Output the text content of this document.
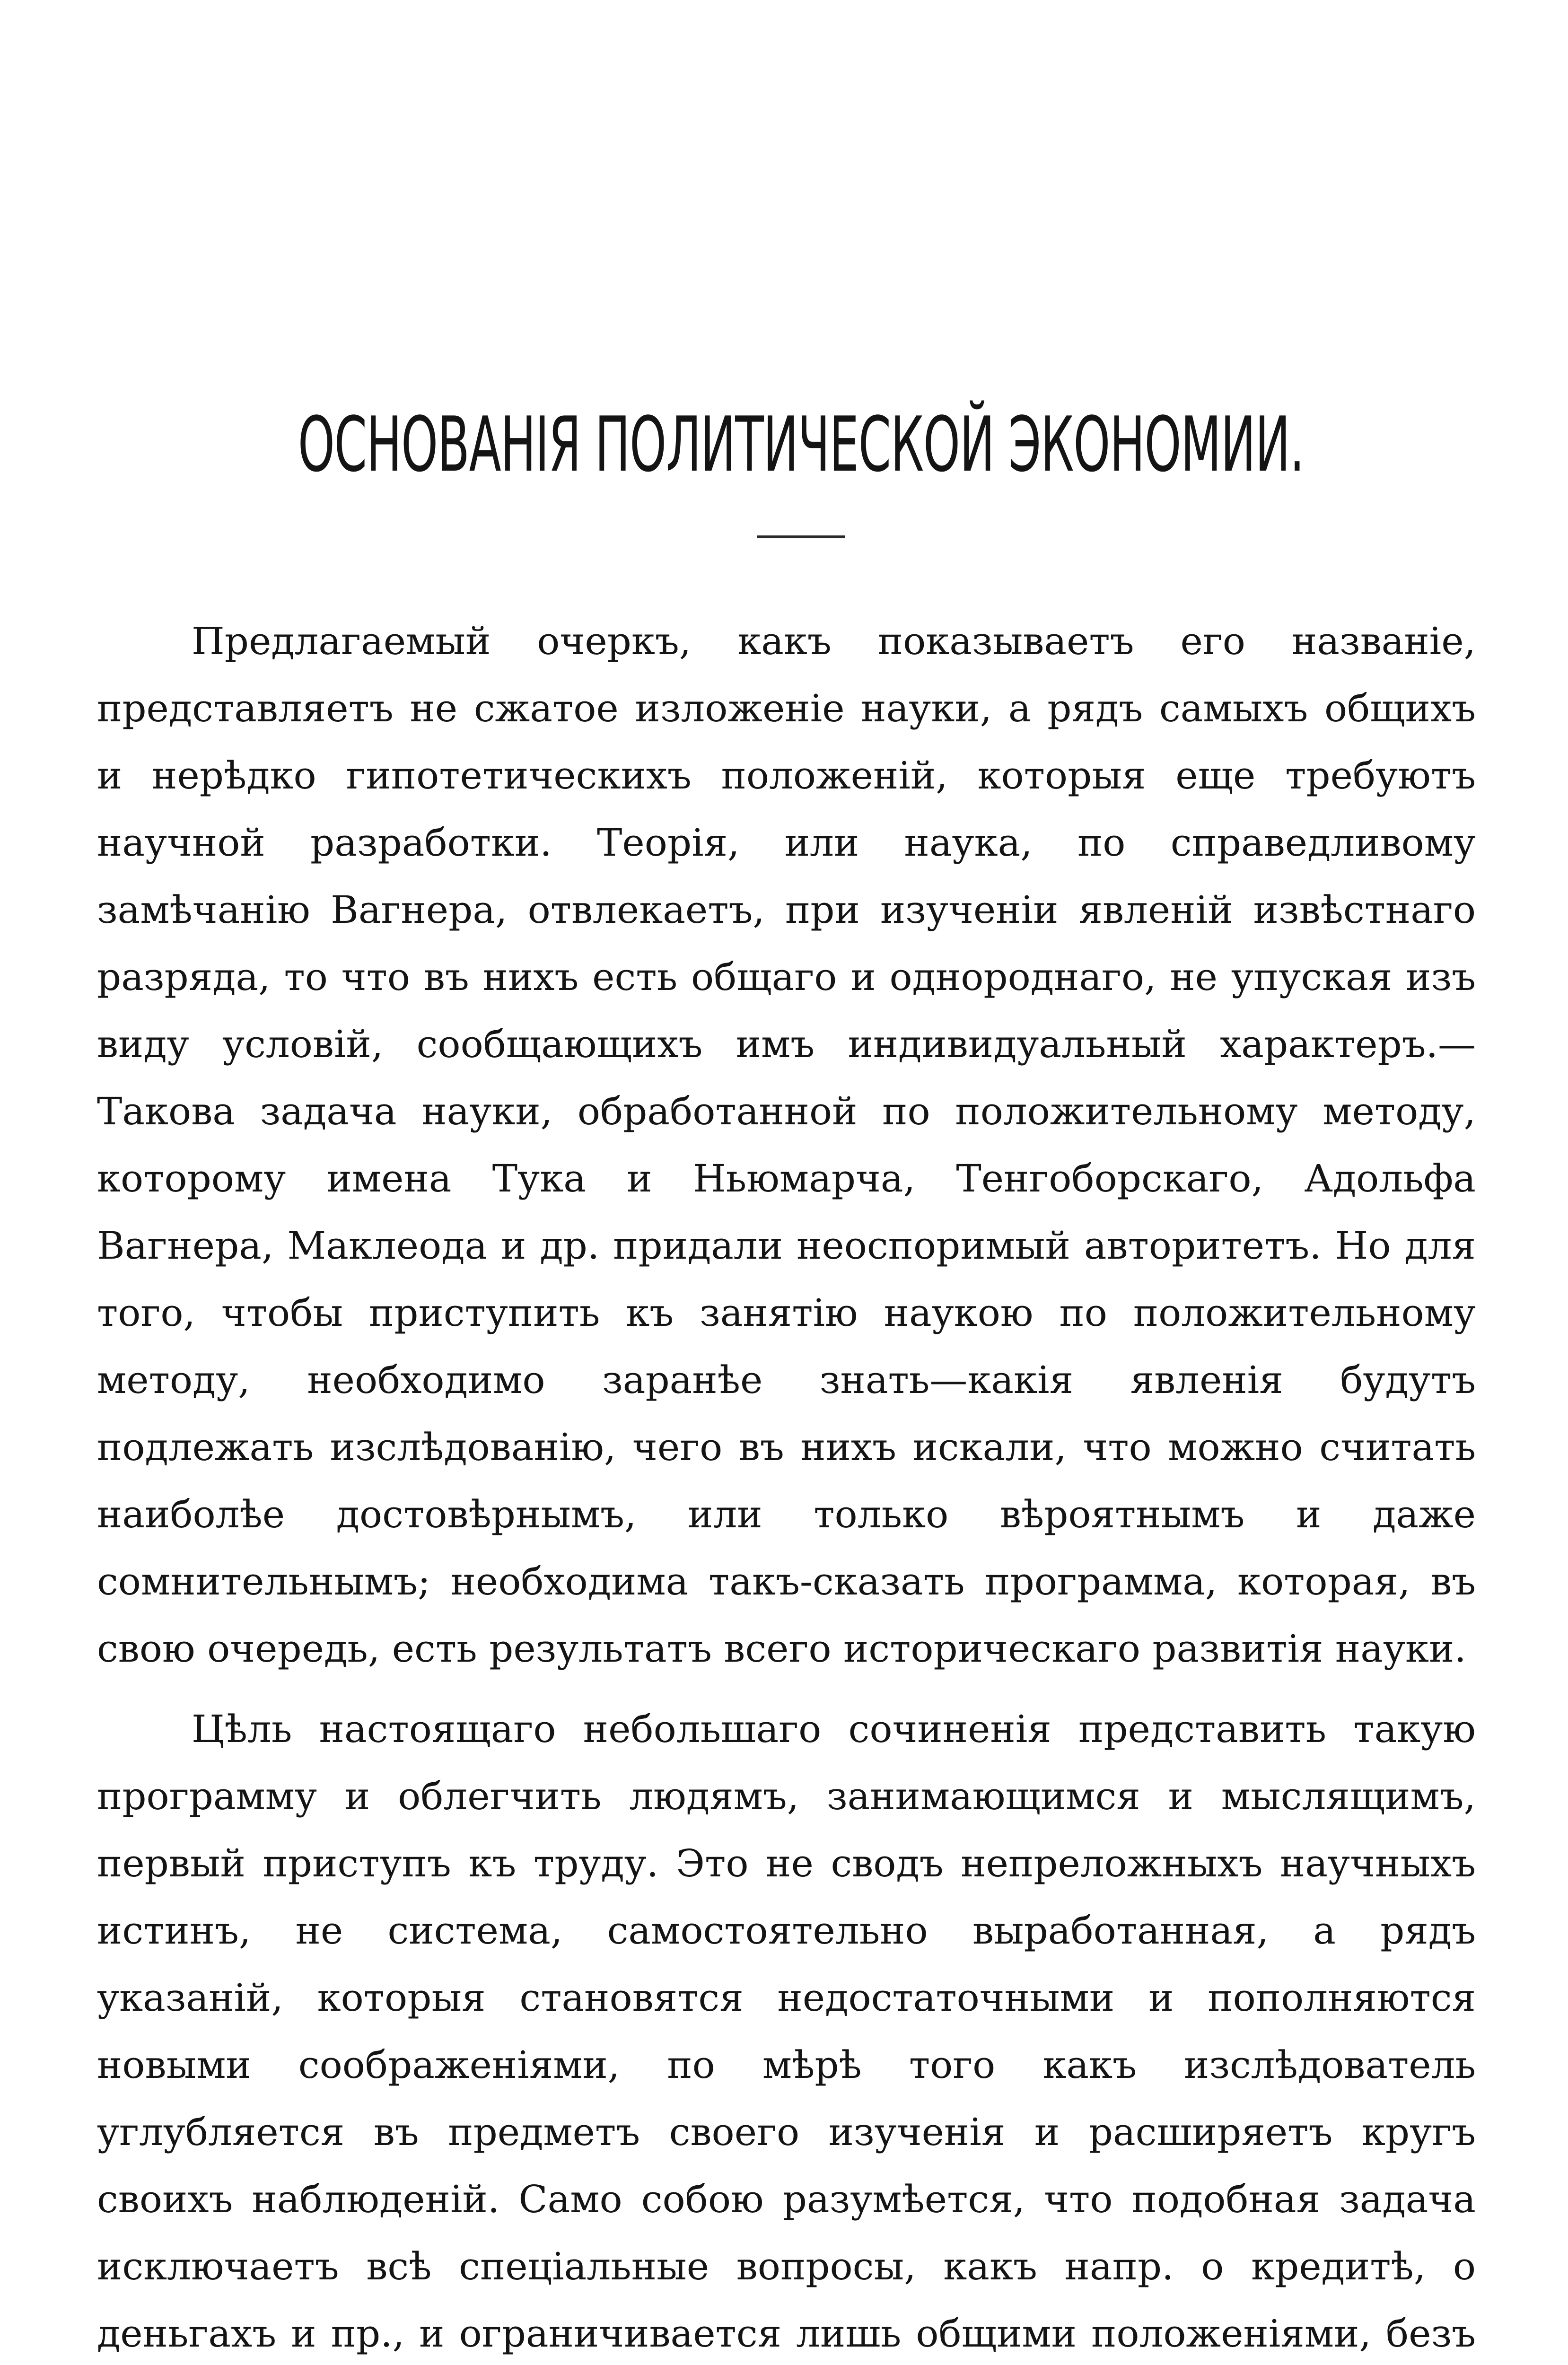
ОСНОВАНІЯ ПОЛИТИЧЕСКОЙ ЭКОНОМИИ.

Предлагаемый очеркъ, какъ показываетъ его названіе, представляетъ не сжатое изложеніе науки, а рядъ самыхъ общихъ и нерѣдко гипотетическихъ положеній, которыя еще требуютъ научной разработки. Теорія, или наука, по справедливому замѣчанію Вагнера, отвлекаетъ, при изученіи явленій извѣстнаго разряда, то что въ нихъ есть общаго и однороднаго, не упуская изъ виду условій, сообщающихъ имъ индивидуальный характеръ.—Такова задача науки, обработанной по положительному методу, которому имена Тука и Ньюмарча, Тенгоборскаго, Адольфа Вагнера, Маклеода и др. придали неоспоримый авторитетъ. Но для того, чтобы приступить къ занятію наукою по положительному методу, необходимо заранѣе знать—какія явленія будутъ подлежать изслѣдованію, чего въ нихъ искали, что можно считать наиболѣе достовѣрнымъ, или только вѣроятнымъ и даже сомнительнымъ; необходима такъ-сказать программа, которая, въ свою очередь, есть результатъ всего историческаго развитія науки.

Цѣль настоящаго небольшаго сочиненія представить такую программу и облегчить людямъ, занимающимся и мыслящимъ, первый приступъ къ труду. Это не сводъ непреложныхъ научныхъ истинъ, не система, самостоятельно выработанная, а рядъ указаній, которыя становятся недостаточными и пополняются новыми соображеніями, по мѣрѣ того какъ изслѣдователь углубляется въ предметъ своего изученія и расширяетъ кругъ своихъ наблюденій. Само собою разумѣется, что подобная задача исключаетъ всѣ спеціальные вопросы, какъ напр. о кредитѣ, о деньгахъ и пр., и ограничивается лишь общими положеніями, безъ
